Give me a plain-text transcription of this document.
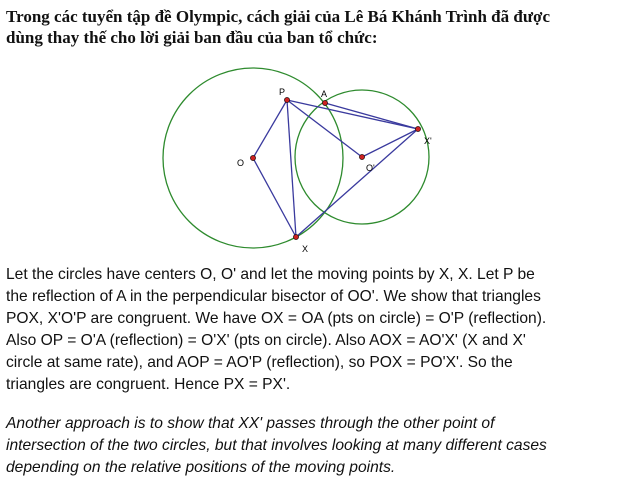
Trong các tuyển tập đề Olympic, cách giải của Lê Bá Khánh Trình đã được
dùng thay thế cho lời giải ban đầu của ban tổ chức:
P	A
O	O'
X'
X
Let the circles have centers O, O' and let the moving points by X, X. Let P be
the reflection of A in the perpendicular bisector of OO'. We show that triangles
POX, X'O'P are congruent. We have OX = OA (pts on circle) = O'P (reflection).
Also OP = O'A (reflection) = O'X' (pts on circle). Also AOX = AO'X' (X and X'
circle at same rate), and AOP = AO'P (reflection), so POX = PO'X'. So the
triangles are congruent. Hence PX = PX'.
Another approach is to show that XX' passes through the other point of
intersection of the two circles, but that involves looking at many different cases
depending on the relative positions of the moving points.
